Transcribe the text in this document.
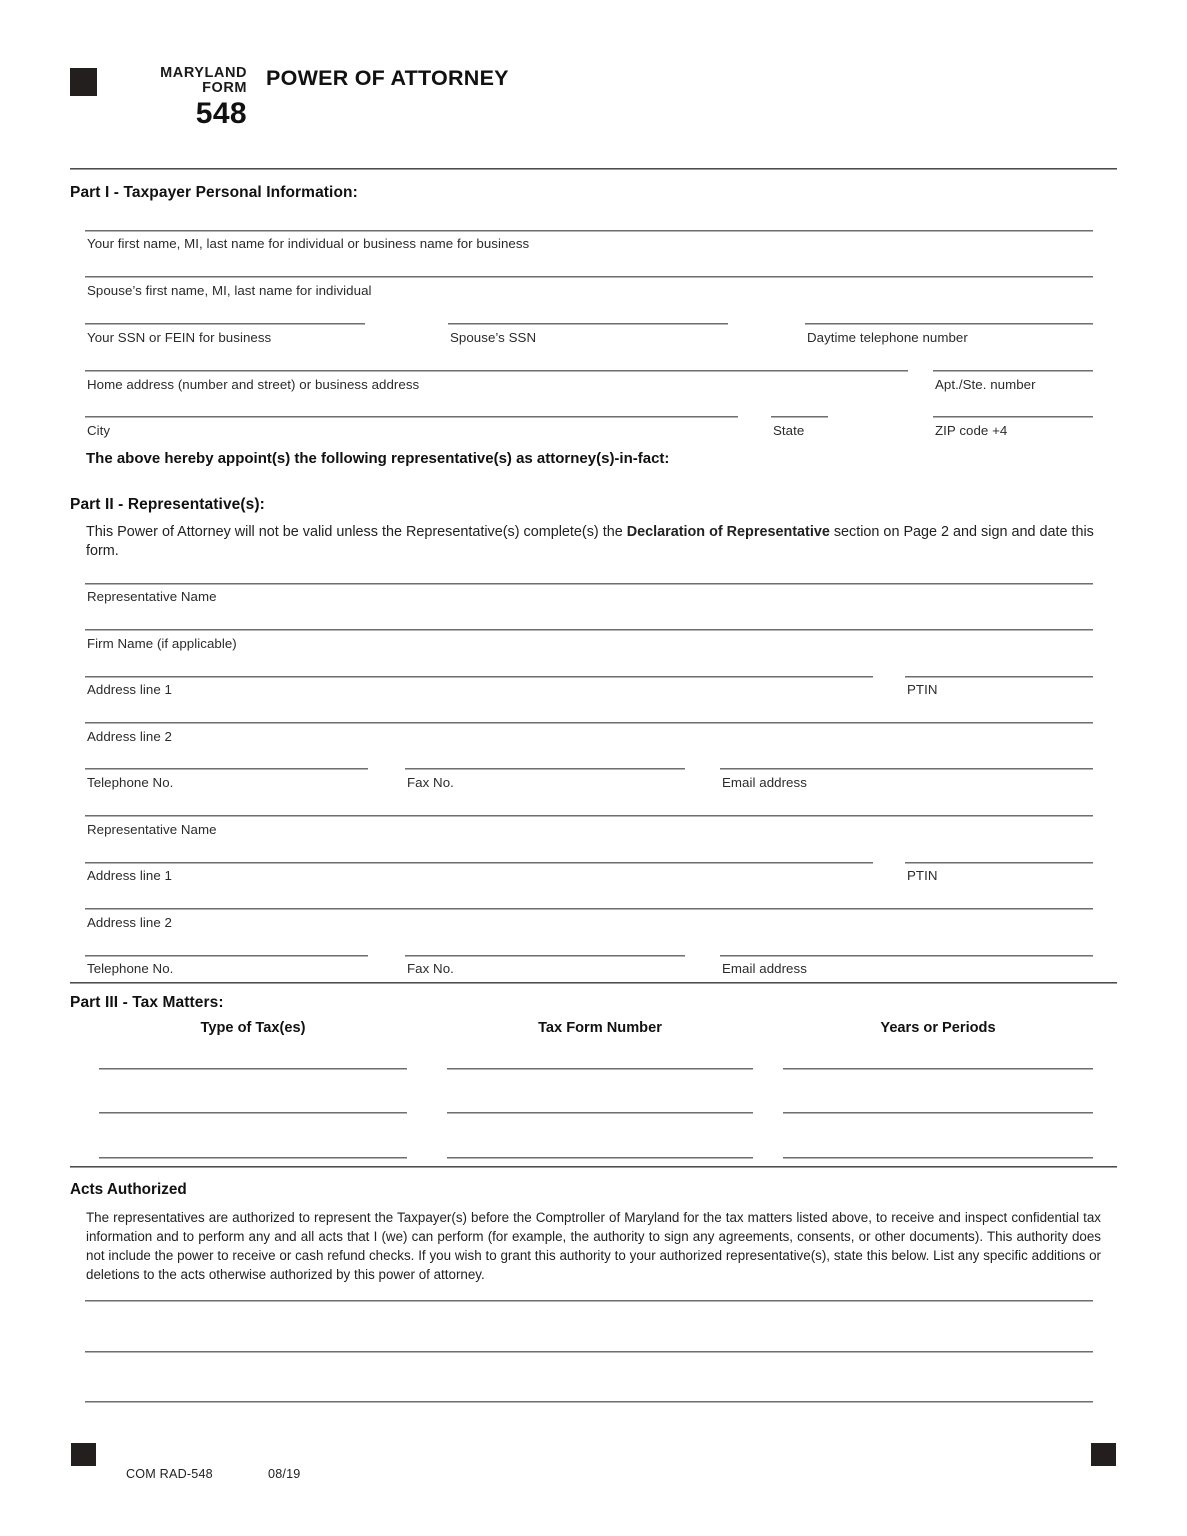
MARYLAND
FORM
548
POWER OF ATTORNEY
Part I - Taxpayer Personal Information:
Your first name, MI, last name for individual or business name for business
Spouse’s first name, MI, last name for individual
Your SSN or FEIN for business	Spouse’s SSN	Daytime telephone number
Home address (number and street) or business address	Apt./Ste. number
City	State	ZIP code +4
The above hereby appoint(s) the following representative(s) as attorney(s)-in-fact:
Part II - Representative(s):
This Power of Attorney will not be valid unless the Representative(s) complete(s) the Declaration of Representative section on Page 2 and sign and date this form.
Representative Name
Firm Name (if applicable)
Address line 1	PTIN
Address line 2
Telephone No.	Fax No.	Email address
Representative Name
Address line 1	PTIN
Address line 2
Telephone No.	Fax No.	Email address
Part III - Tax Matters:
Type of Tax(es)	Tax Form Number	Years or Periods
Acts Authorized
The representatives are authorized to represent the Taxpayer(s) before the Comptroller of Maryland for the tax matters listed above, to receive and inspect confidential tax information and to perform any and all acts that I (we) can perform (for example, the authority to sign any agreements, consents, or other documents). This authority does not include the power to receive or cash refund checks. If you wish to grant this authority to your authorized representative(s), state this below. List any specific additions or deletions to the acts otherwise authorized by this power of attorney.
COM RAD-548	08/19
